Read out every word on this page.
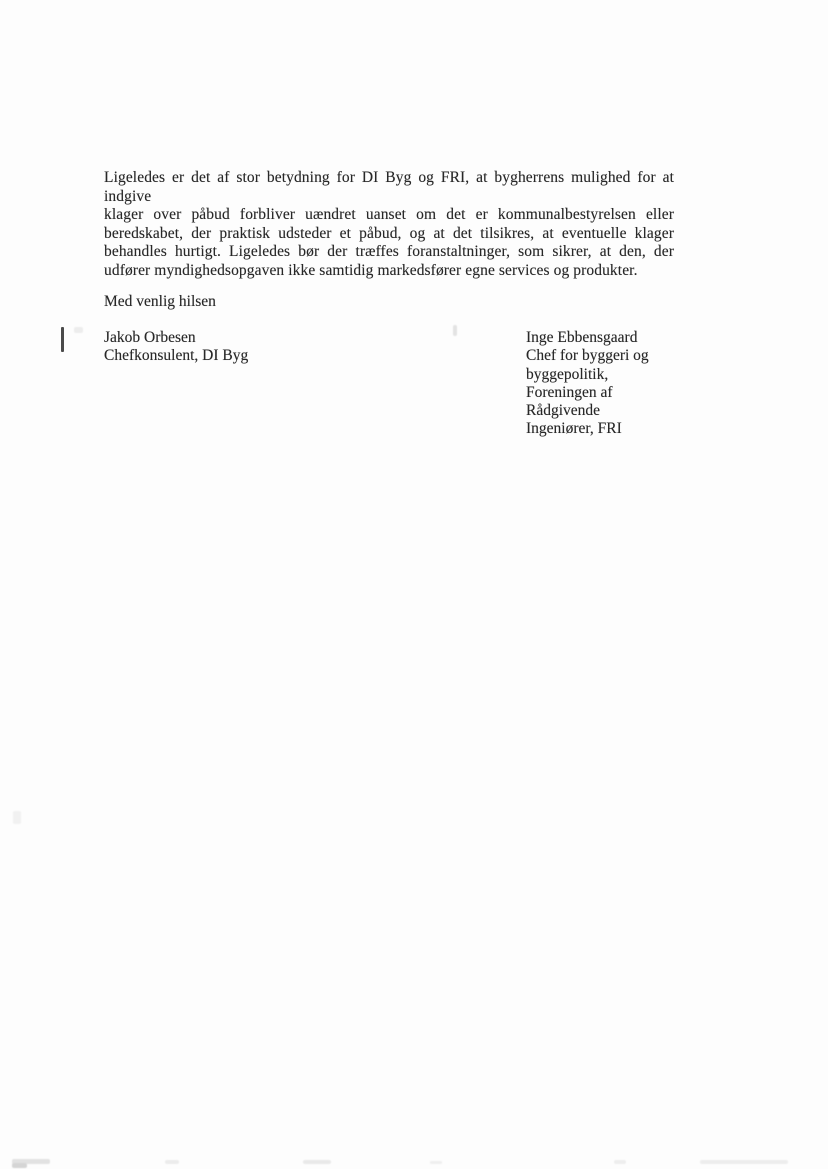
Ligeledes er det af stor betydning for DI Byg og FRI, at bygherrens mulighed for at indgive
klager over påbud forbliver uændret uanset om det er kommunalbestyrelsen eller
beredskabet, der praktisk udsteder et påbud, og at det tilsikres, at eventuelle klager
behandles hurtigt. Ligeledes bør der træffes foranstaltninger, som sikrer, at den, der
udfører myndighedsopgaven ikke samtidig markedsfører egne services og produkter.
Med venlig hilsen
Jakob Orbesen
Chefkonsulent, DI Byg
Inge Ebbensgaard
Chef for byggeri og
byggepolitik,
Foreningen af
Rådgivende
Ingeniører, FRI
